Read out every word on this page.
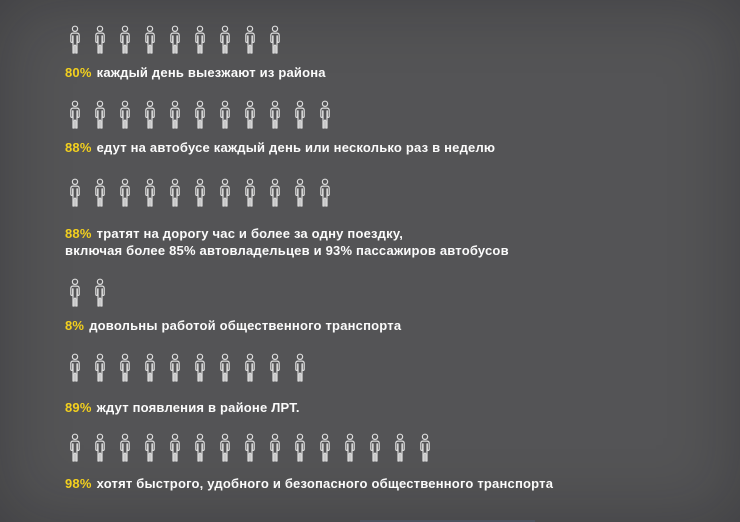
80% каждый день выезжают из района
88% едут на автобусе каждый день или несколько раз в неделю
88% тратят на дорогу час и более за одну поездку,
включая более 85% автовладельцев и 93% пассажиров автобусов
8% довольны работой общественного транспорта
89% ждут появления в районе ЛРТ.
98% хотят быстрого, удобного и безопасного общественного транспорта
